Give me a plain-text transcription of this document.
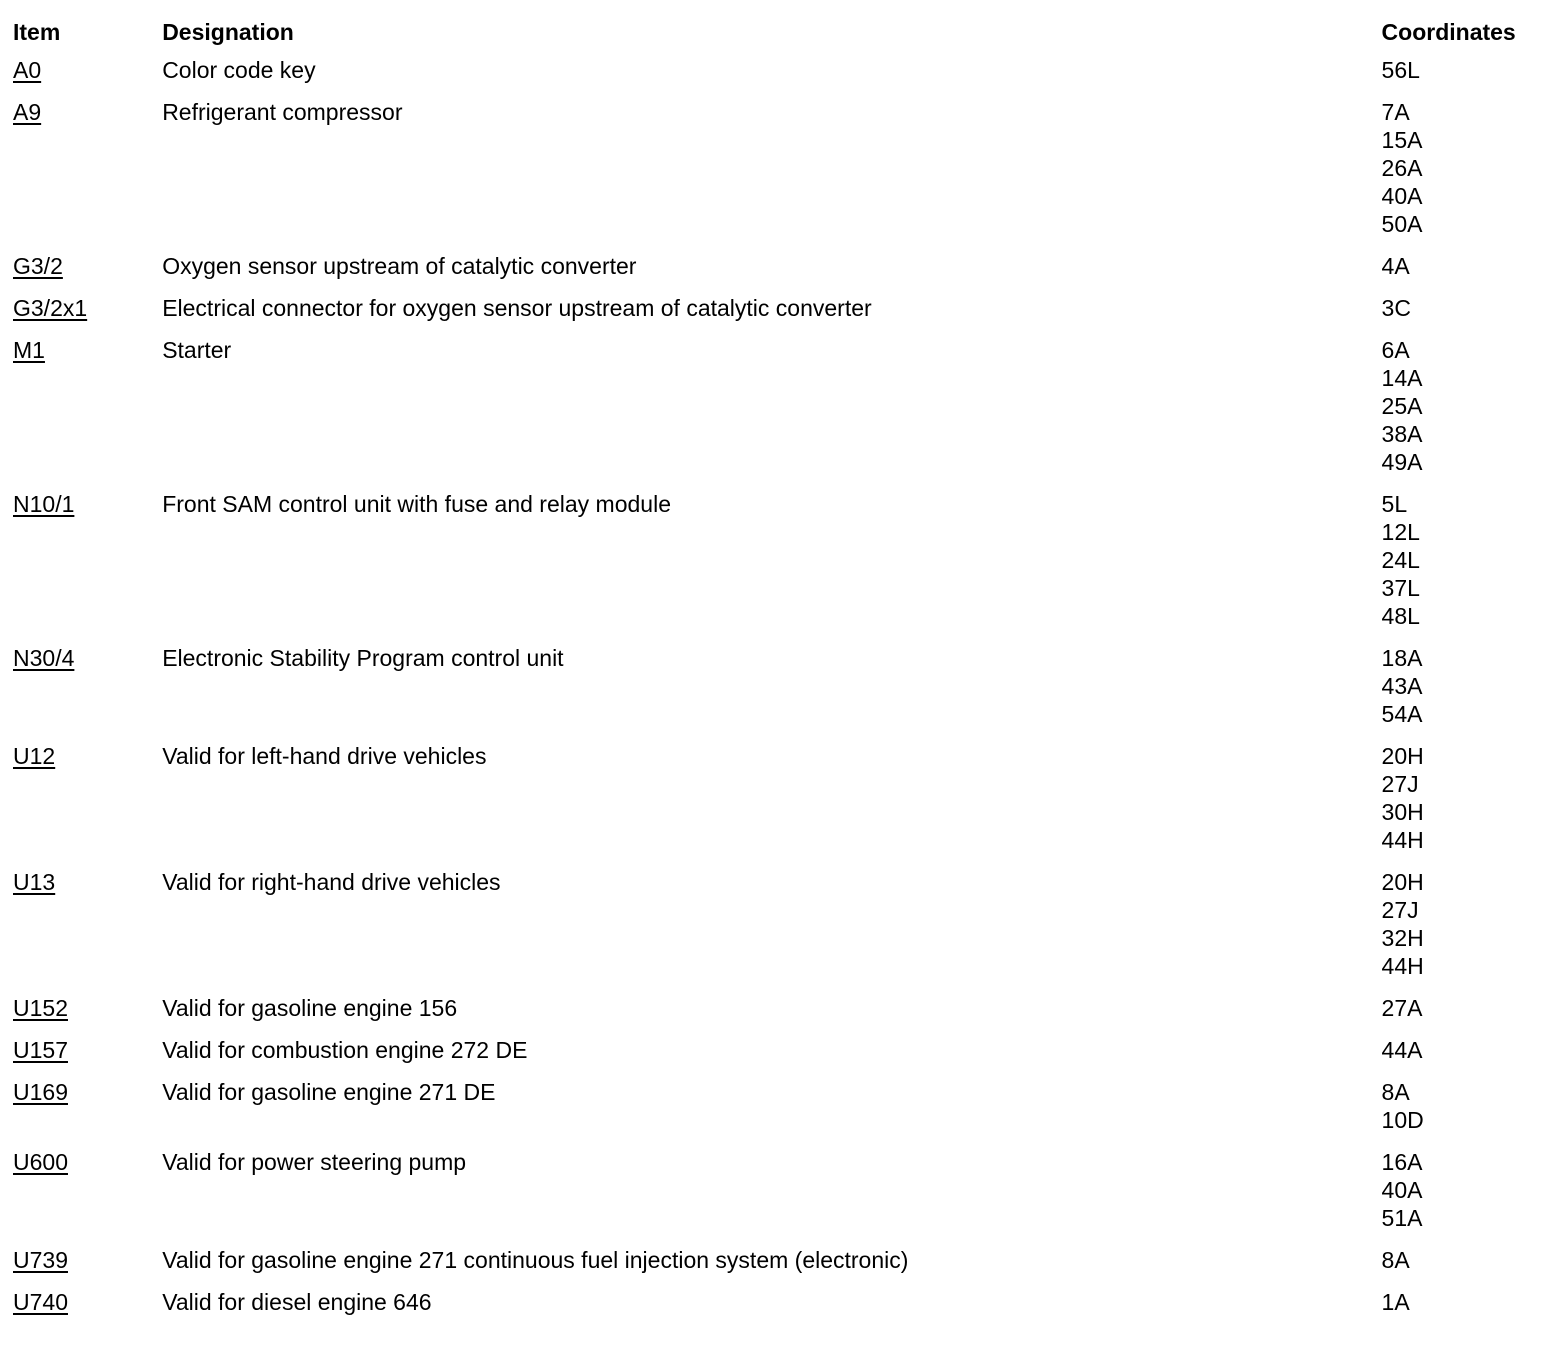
Item	Designation	Coordinates
A0	Color code key	56L

A9	Refrigerant compressor	7A
15A
26A
40A
50A

G3/2	Oxygen sensor upstream of catalytic converter	4A

G3/2x1	Electrical connector for oxygen sensor upstream of catalytic converter	3C

M1	Starter	6A
14A
25A
38A
49A

N10/1	Front SAM control unit with fuse and relay module	5L
12L
24L
37L
48L

N30/4	Electronic Stability Program control unit	18A
43A
54A

U12	Valid for left-hand drive vehicles	20H
27J
30H
44H

U13	Valid for right-hand drive vehicles	20H
27J
32H
44H

U152	Valid for gasoline engine 156	27A

U157	Valid for combustion engine 272 DE	44A

U169	Valid for gasoline engine 271 DE	8A
10D

U600	Valid for power steering pump	16A
40A
51A

U739	Valid for gasoline engine 271 continuous fuel injection system (electronic)	8A

U740	Valid for diesel engine 646	1A
